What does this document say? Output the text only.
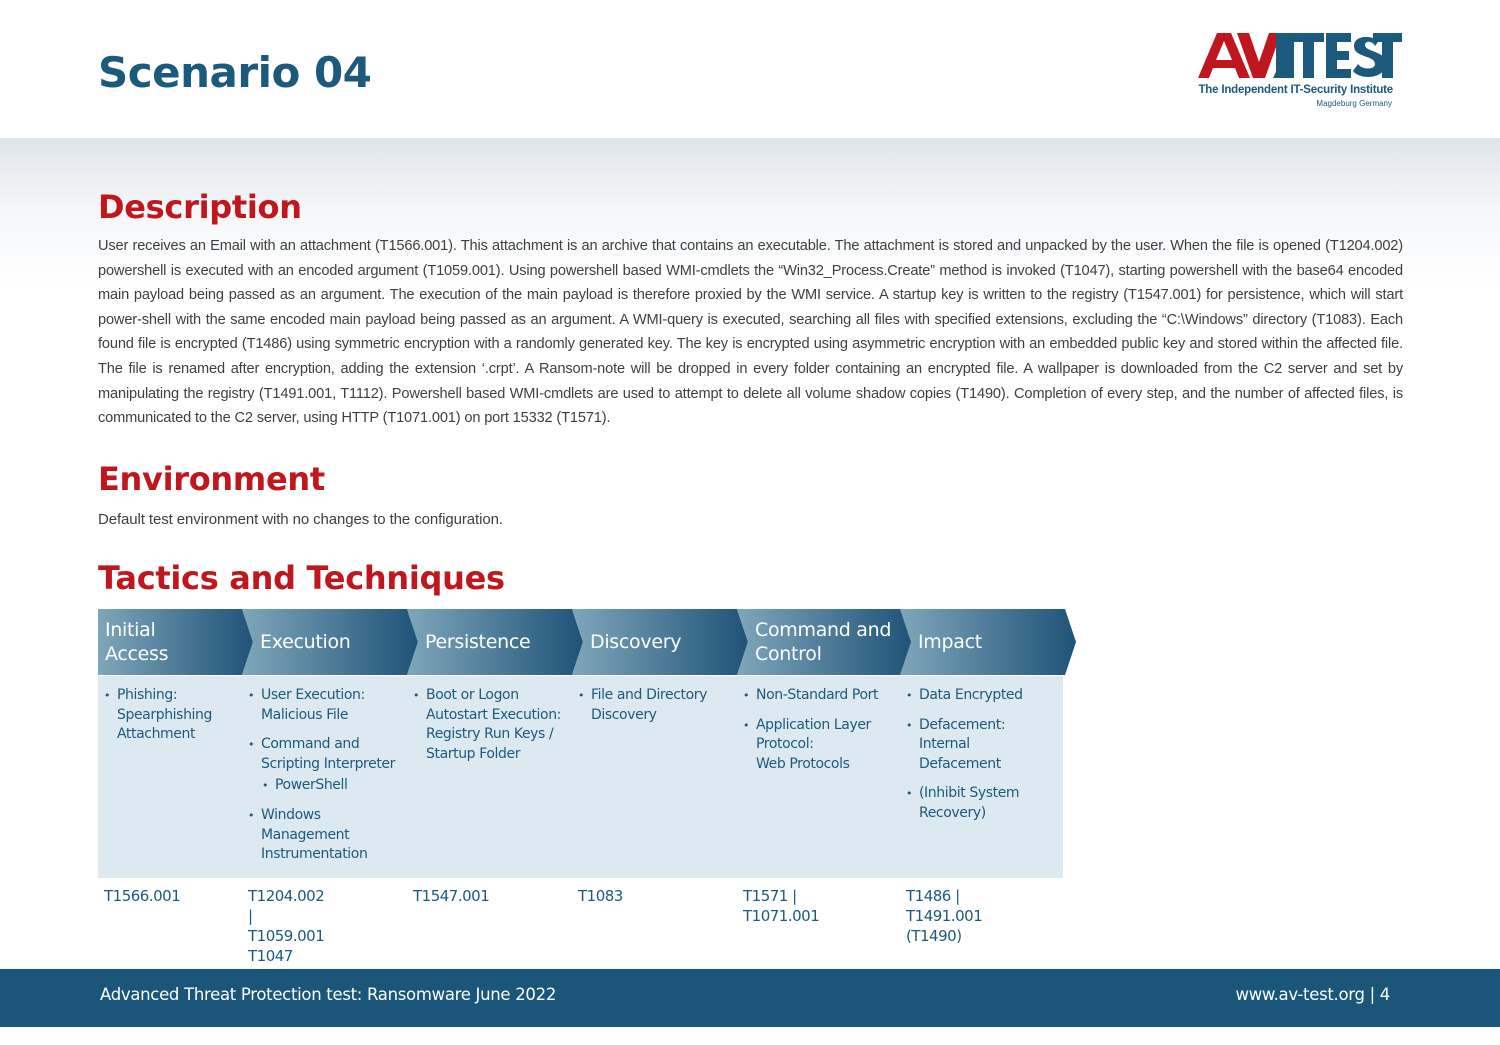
Scenario 04	The Independent IT-Security Institute
Magdeburg Germany
Description

User receives an Email with an attachment (T1566.001). This attachment is an archive that contains an executable. The attachment is stored and unpacked by the user. When the file is opened (T1204.002) powershell is executed with an encoded argument (T1059.001). Using powershell based WMI-cmdlets the “Win32_Process.Create” method is invoked (T1047), starting powershell with the base64 encoded main payload being passed as an argument. The execution of the main payload is therefore proxied by the WMI service. A startup key is written to the registry (T1547.001) for persistence, which will start power-shell with the same encoded main payload being passed as an argument. A WMI-query is executed, searching all files with specified extensions, excluding the “C:\Windows” directory (T1083). Each found file is encrypted (T1486) using symmetric encryption with a randomly generated key. The key is encrypted using asymmetric encryption with an embedded public key and stored within the affected file. The file is renamed after encryption, adding the extension ‘.crpt’. A Ransom-note will be dropped in every folder containing an encrypted file. A wallpaper is downloaded from the C2 server and set by manipulating the registry (T1491.001, T1112). Powershell based WMI-cmdlets are used to attempt to delete all volume shadow copies (T1490). Completion of every step, and the number of affected files, is communicated to the C2 server, using HTTP (T1071.001) on port 15332 (T1571).

Environment

Default test environment with no changes to the configuration.

Tactics and Techniques
Initial
Access
• Phishing:
Spearphishing
Attachment
T1566.001
Execution
• User Execution:
Malicious File
• Command and
Scripting Interpreter
• PowerShell
• Windows
Management
Instrumentation
T1204.002 | T1059.001
T1047
Persistence
• Boot or Logon
Autostart Execution:
Registry Run Keys /
Startup Folder
T1547.001
Discovery
• File and Directory
Discovery
T1083
Command and
Control
• Non-Standard Port
• Application Layer
Protocol:
Web Protocols
T1571 | T1071.001
Impact
• Data Encrypted
• Defacement:
Internal
Defacement
• (Inhibit System
Recovery)
T1486 | T1491.001
(T1490)
Advanced Threat Protection test: Ransomware June 2022	www.av-test.org | 4
